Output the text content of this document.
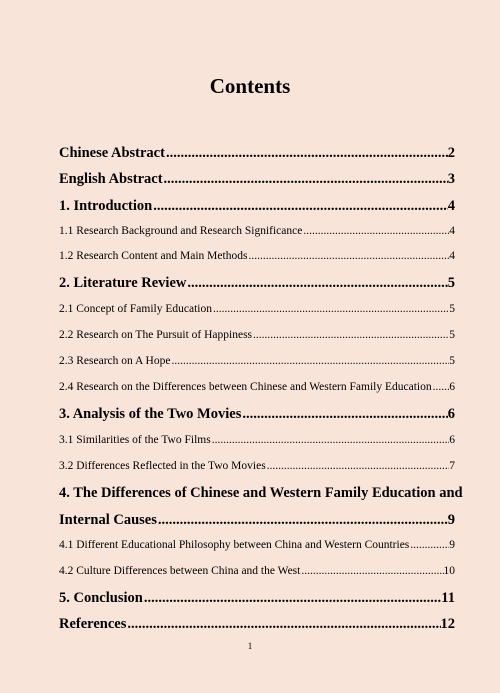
Contents
Chinese Abstract .....	2
English Abstract .....	3
1. Introduction .....	4
1.1 Research Background and Research Significance .....	4
1.2 Research Content and Main Methods .....	4
2. Literature Review .....	5
2.1 Concept of Family Education .....	5
2.2 Research on The Pursuit of Happiness .....	5
2.3 Research on A Hope .....	5
2.4 Research on the Differences between Chinese and Western Family Education ..... 6
3. Analysis of the Two Movies .....	6
3.1 Similarities of the Two Films .....	6
3.2 Differences Reflected in the Two Movies .....	7
4. The Differences of Chinese and Western Family Education and
Internal Causes .....	9
4.1 Different Educational Philosophy between China and Western Countries .....	9
4.2 Culture Differences between China and the West .....	10
5. Conclusion .....	11
References .....	12
1
